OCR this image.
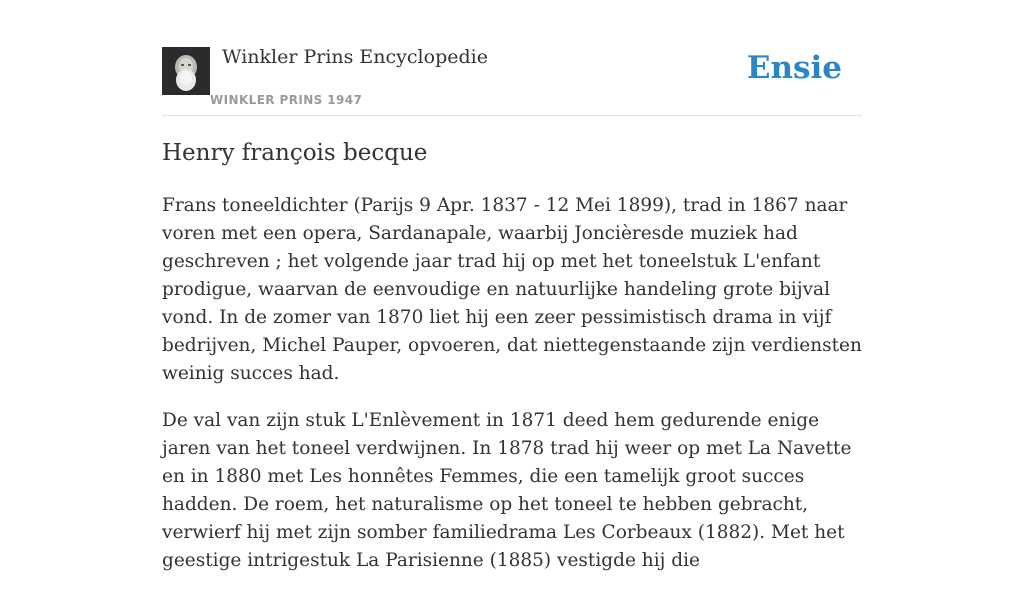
Winkler Prins Encyclopedie
WINKLER PRINS 1947
Ensie
Henry françois becque

Frans toneeldichter (Parijs 9 Apr. 1837 - 12 Mei 1899), trad in 1867 naar voren met een opera, Sardanapale, waarbij Joncièresde muziek had geschreven ; het volgende jaar trad hij op met het toneelstuk L'enfant prodigue, waarvan de eenvoudige en natuurlijke handeling grote bijval vond. In de zomer van 1870 liet hij een zeer pessimistisch drama in vijf bedrijven, Michel Pauper, opvoeren, dat niettegenstaande zijn verdiensten weinig succes had.

De val van zijn stuk L'Enlèvement in 1871 deed hem gedurende enige jaren van het toneel verdwijnen. In 1878 trad hij weer op met La Navette en in 1880 met Les honnêtes Femmes, die een tamelijk groot succes hadden. De roem, het naturalisme op het toneel te hebben gebracht, verwierf hij met zijn somber familiedrama Les Corbeaux (1882). Met het geestige intrigestuk La Parisienne (1885) vestigde hij die
